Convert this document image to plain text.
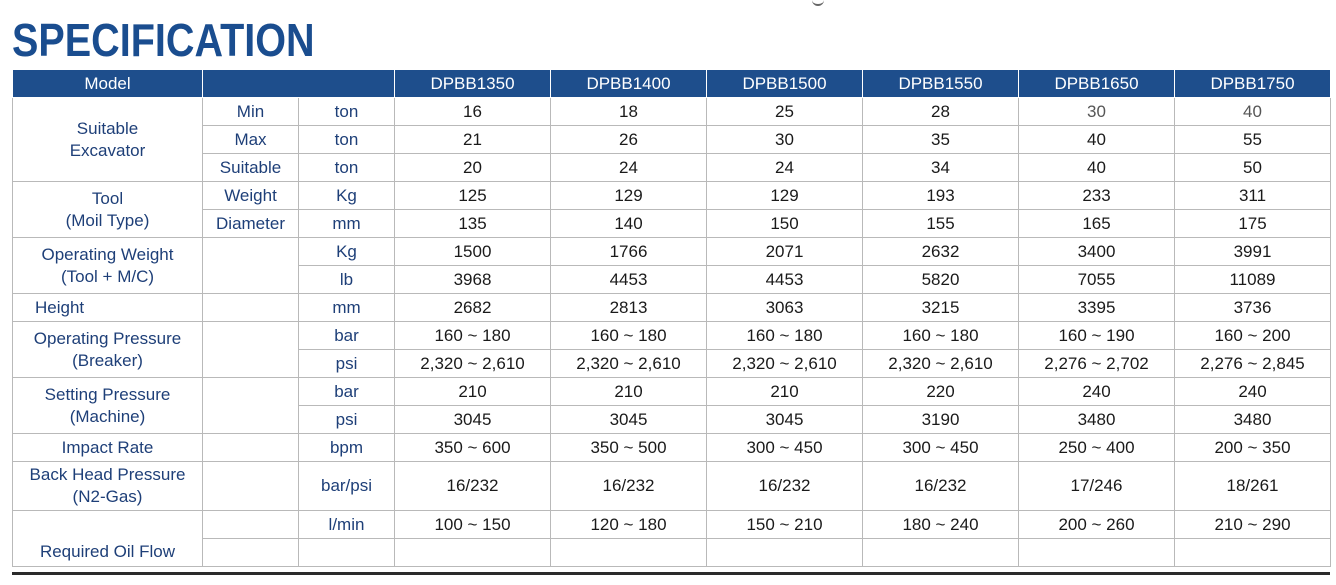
SPECIFICATION
Model			DPBB1350	DPBB1400	DPBB1500	DPBB1550	DPBB1650	DPBB1750

Suitable
Excavator	Min	ton	16	18	25	28	30	40
	Max	ton	21	26	30	35	40	55
	Suitable	ton	20	24	24	34	40	50

Tool
(Moil Type)	Weight	Kg	125	129	129	193	233	311
	Diameter	mm	135	140	150	155	165	175

Operating Weight
(Tool + M/C)		Kg	1500	1766	2071	2632	3400	3991
		lb	3968	4453	4453	5820	7055	11089

Height		mm	2682	2813	3063	3215	3395	3736

Operating Pressure
(Breaker)		bar	160 ~ 180	160 ~ 180	160 ~ 180	160 ~ 180	160 ~ 190	160 ~ 200
		psi	2,320 ~ 2,610	2,320 ~ 2,610	2,320 ~ 2,610	2,320 ~ 2,610	2,276 ~ 2,702	2,276 ~ 2,845

Setting Pressure
(Machine)		bar	210	210	210	220	240	240
		psi	3045	3045	3045	3190	3480	3480

Impact Rate		bpm	350 ~ 600	350 ~ 500	300 ~ 450	300 ~ 450	250 ~ 400	200 ~ 350

Back Head Pressure
(N2-Gas)		bar/psi	16/232	16/232	16/232	16/232	17/246	18/261

Required Oil Flow		l/min	100 ~ 150	120 ~ 180	150 ~ 210	180 ~ 240	200 ~ 260	210 ~ 290
